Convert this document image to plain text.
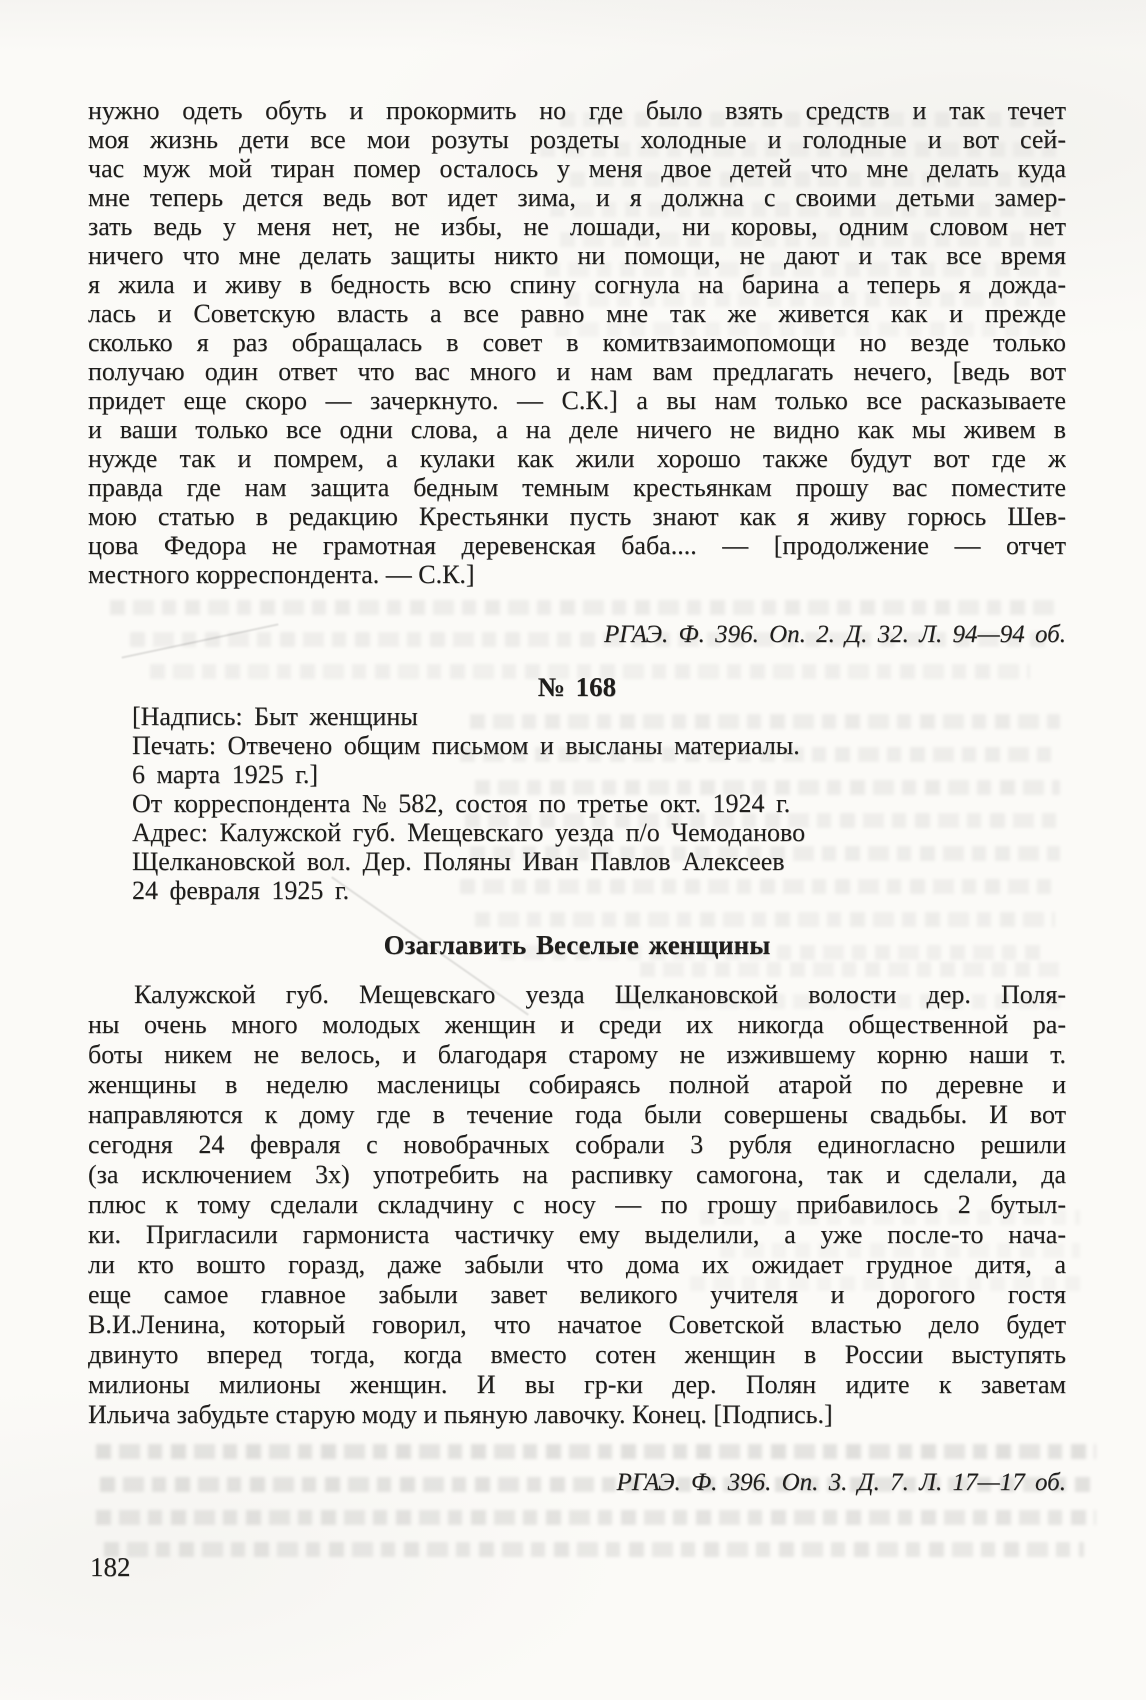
нужно одеть обуть и прокормить но где было взять средств и так течет
моя жизнь дети все мои розуты роздеты холодные и голодные и вот сей-
час муж мой тиран помер осталось у меня двое детей что мне делать куда
мне теперь дется ведь вот идет зима, и я должна с своими детьми замер-
зать ведь у меня нет, не избы, не лошади, ни коровы, одним словом нет
ничего что мне делать защиты никто ни помощи, не дают и так все время
я жила и живу в бедность всю спину согнула на барина а теперь я дожда-
лась и Советскую власть а все равно мне так же живется как и прежде
сколько я раз обращалась в совет в комитвзаимопомощи но везде только
получаю один ответ что вас много и нам вам предлагать нечего, [ведь вот
придет еще скоро — зачеркнуто. — С.К.] а вы нам только все расказываете
и ваши только все одни слова, а на деле ничего не видно как мы живем в
нужде так и помрем, а кулаки как жили хорошо также будут вот где ж
правда где нам защита бедным темным крестьянкам прошу вас поместите
мою статью в редакцию Крестьянки пусть знают как я живу горюсь Шев-
цова Федора не грамотная деревенская баба.... — [продолжение — отчет
местного корреспондента. — С.К.]
РГАЭ. Ф. 396. Оп. 2. Д. 32. Л. 94—94 об.
№ 168
[Надпись: Быт женщины
Печать: Отвечено общим письмом и высланы материалы.
6 марта 1925 г.]
От корреспондента № 582, состоя по третье окт. 1924 г.
Адрес: Калужской губ. Мещевскаго уезда п/о Чемоданово
Щелкановской вол. Дер. Поляны Иван Павлов Алексеев
24 февраля 1925 г.
Озаглавить Веселые женщины
Калужской губ. Мещевскаго уезда Щелкановской волости дер. Поля-
ны очень много молодых женщин и среди их никогда общественной ра-
боты никем не велось, и благодаря старому не изжившему корню наши т.
женщины в неделю масленицы собираясь полной атарой по деревне и
направляются к дому где в течение года были совершены свадьбы. И вот
сегодня 24 февраля с новобрачных собрали 3 рубля единогласно решили
(за исключением 3х) употребить на распивку самогона, так и сделали, да
плюс к тому сделали складчину с носу — по грошу прибавилось 2 бутыл-
ки. Пригласили гармониста частичку ему выделили, а уже после-то нача-
ли кто вошто горазд, даже забыли что дома их ожидает грудное дитя, а
еще самое главное забыли завет великого учителя и дорогого гостя
В.И.Ленина, который говорил, что начатое Советской властью дело будет
двинуто вперед тогда, когда вместо сотен женщин в России выступять
милионы милионы женщин. И вы гр-ки дер. Полян идите к заветам
Ильича забудьте старую моду и пьяную лавочку. Конец. [Подпись.]
РГАЭ. Ф. 396. Оп. 3. Д. 7. Л. 17—17 об.
182
